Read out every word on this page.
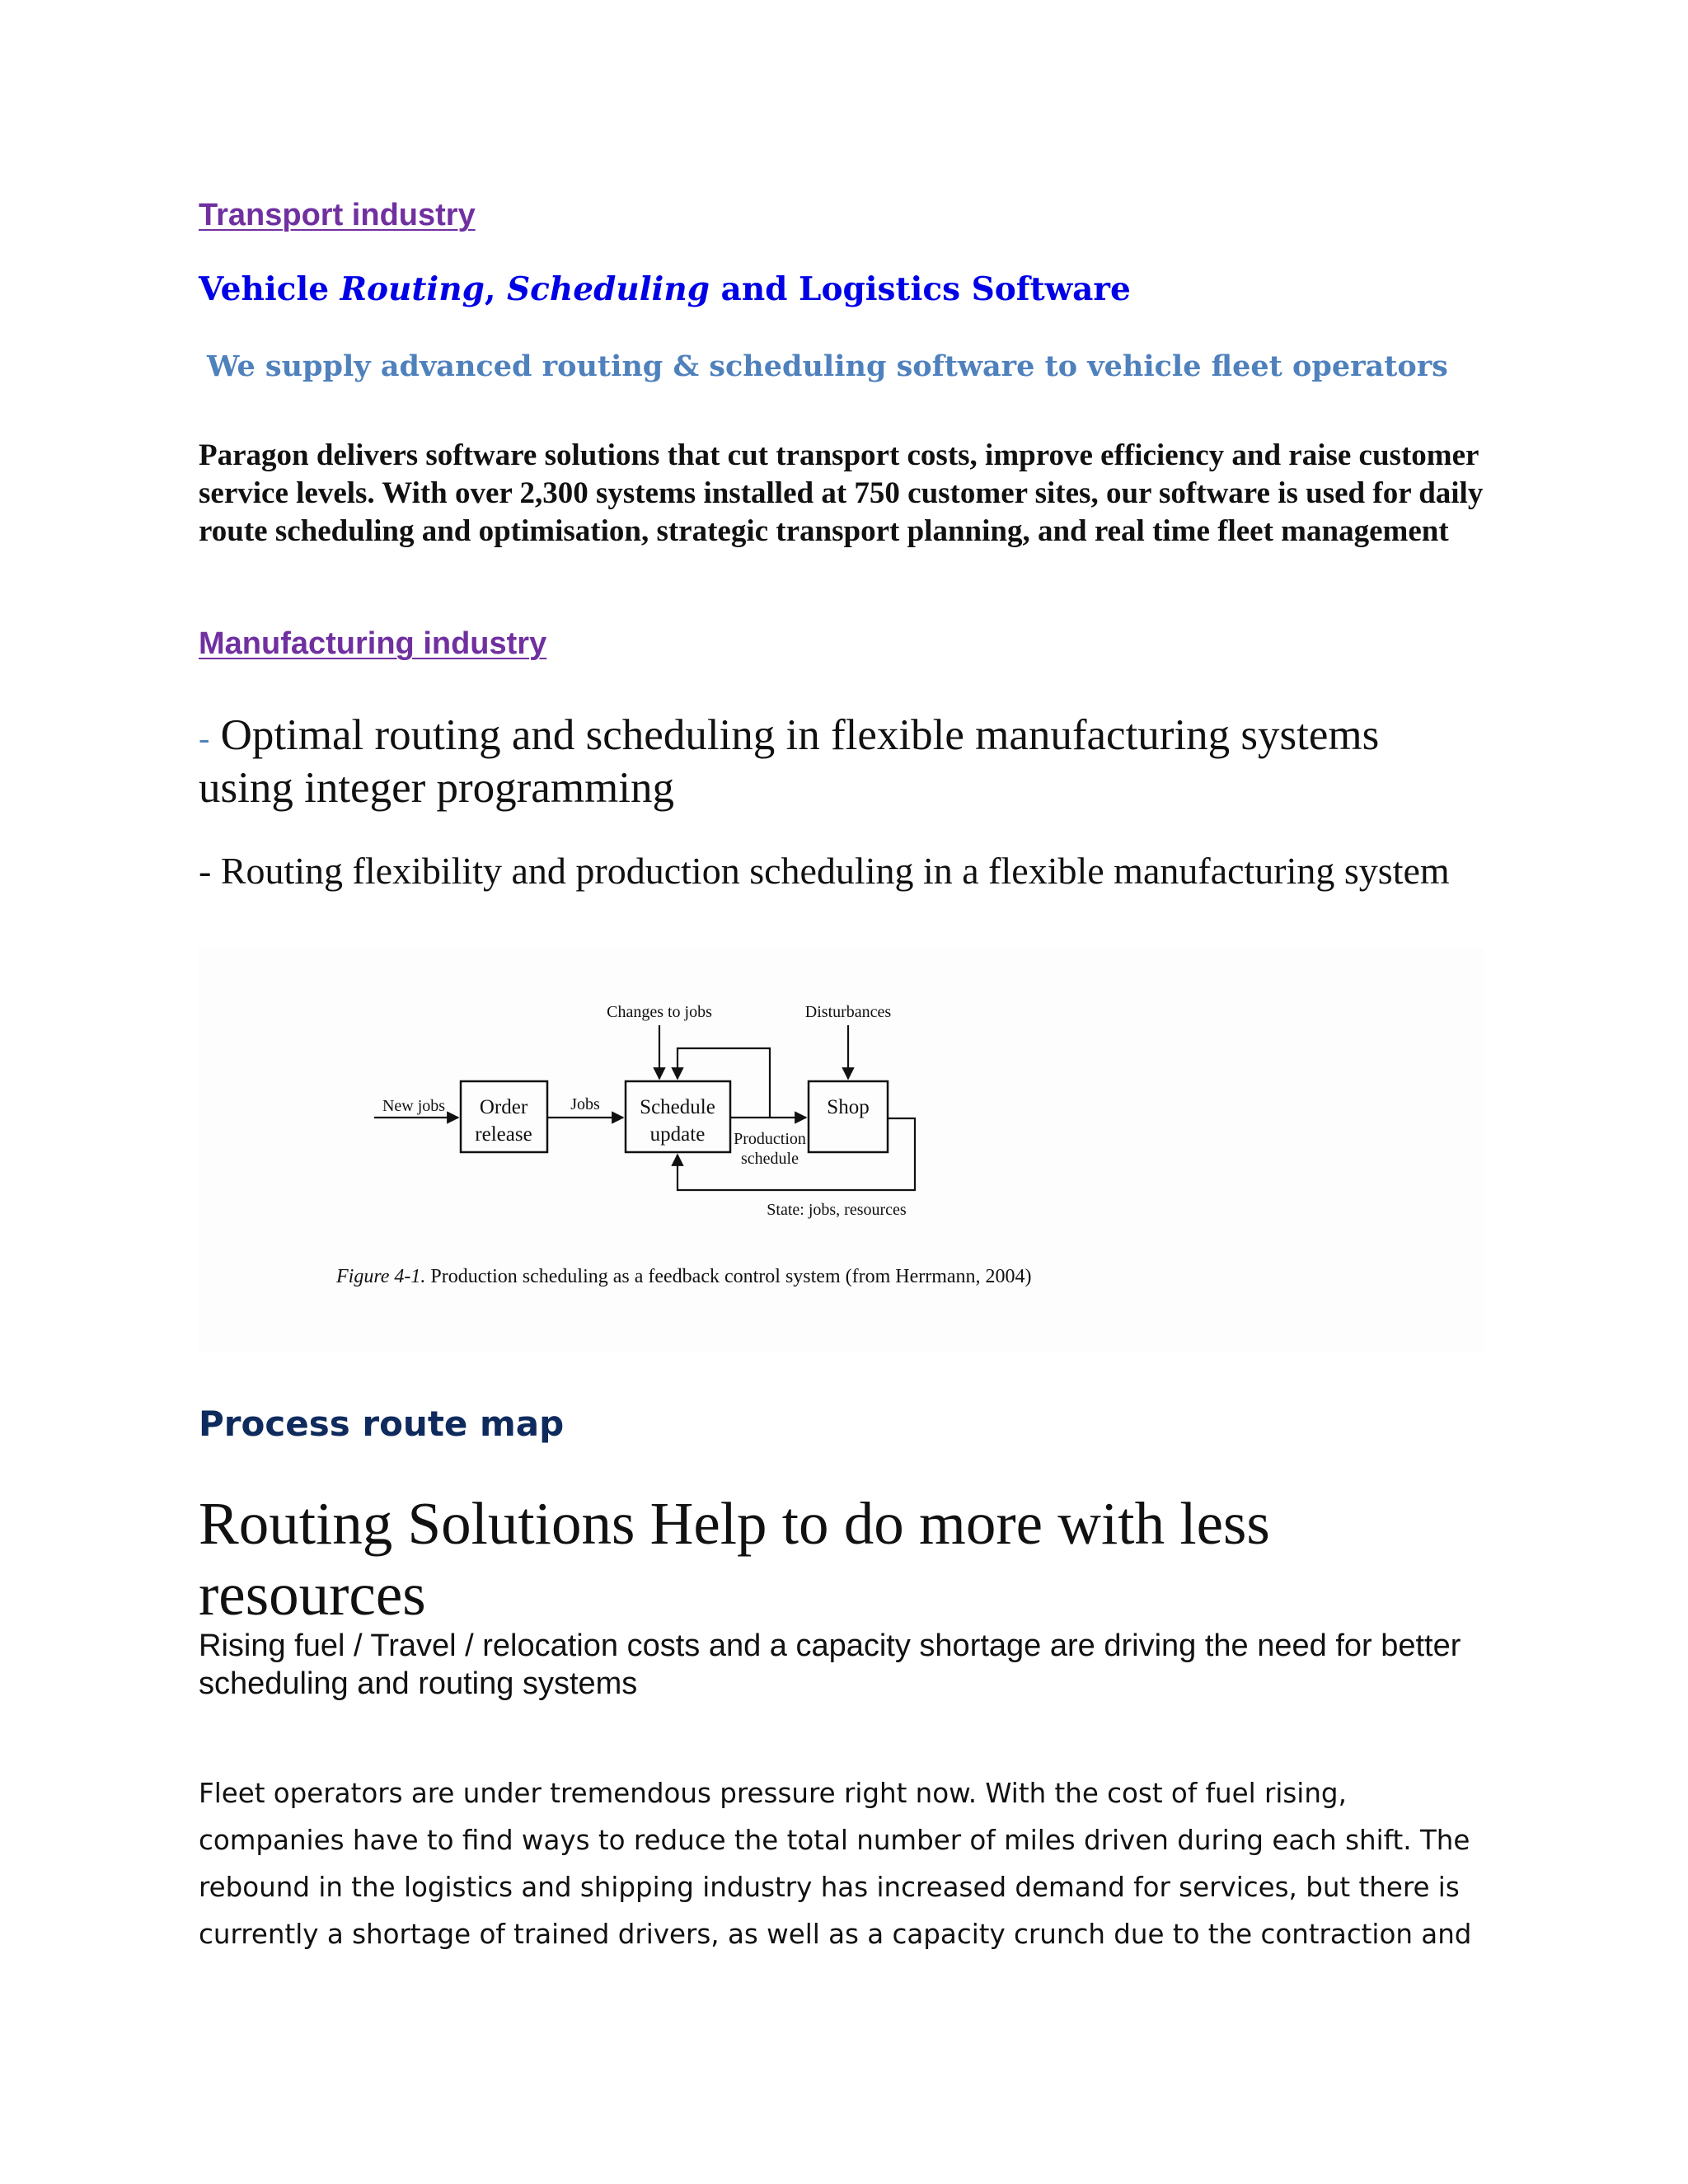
Transport industry
Vehicle Routing, Scheduling and Logistics Software
We supply advanced routing & scheduling software to vehicle fleet operators

Paragon delivers software solutions that cut transport costs, improve efficiency and raise customer service levels. With over 2,300 systems installed at 750 customer sites, our software is used for daily route scheduling and optimisation, strategic transport planning, and real time fleet management

Manufacturing industry

- Optimal routing and scheduling in flexible manufacturing systems using integer programming

- Routing flexibility and production scheduling in a flexible manufacturing system

Changes to jobs	Disturbances
New jobs	Jobs
Order
release
Schedule
update
Shop
Production
schedule
State: jobs, resources
Figure 4-1. Production scheduling as a feedback control system (from Herrmann, 2004)
Process route map
Routing Solutions Help to do more with less resources

Rising fuel / Travel / relocation costs and a capacity shortage are driving the need for better scheduling and routing systems

Fleet operators are under tremendous pressure right now. With the cost of fuel rising, companies have to find ways to reduce the total number of miles driven during each shift. The rebound in the logistics and shipping industry has increased demand for services, but there is currently a shortage of trained drivers, as well as a capacity crunch due to the contraction and
